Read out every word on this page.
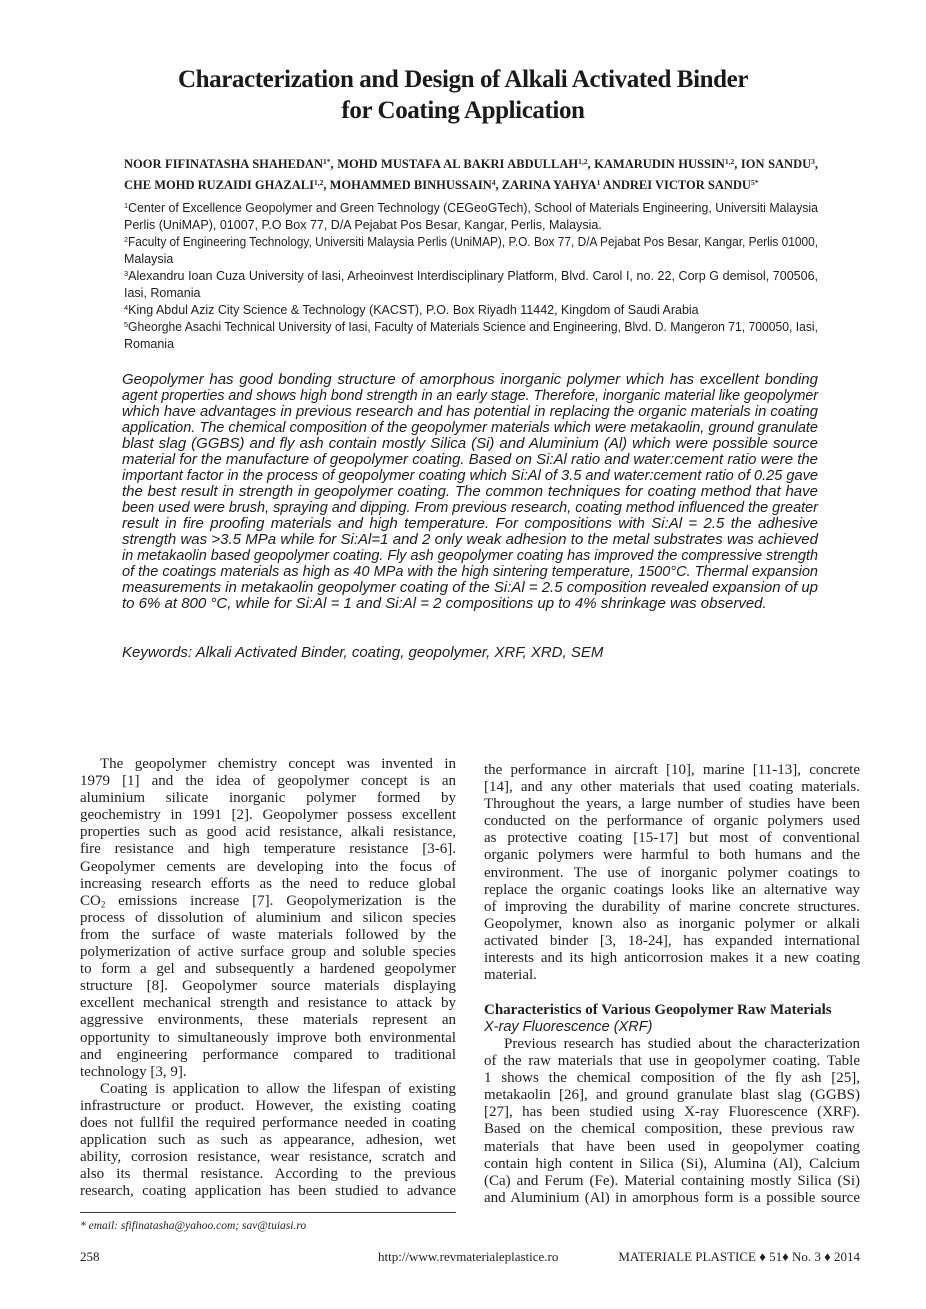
Characterization and Design of Alkali Activated Binder
for Coating Application
NOOR FIFINATASHA $SHAHEDAN^{1*}$, MOHD MUSTAFA AL BAKRI ABDULLAH$^{1,2}$, KAMARUDIN HUSSIN$^{1,2}$, ION SANDU$^3$,
CHE MOHD RUZAIDI GHAZALI$^{1,2}$, MOHAMMED BINHUSSAIN$^4$, ZARINA YAHYA$^1$ ANDREI VICTOR $SANDU^{5*}$
$^1$Center of Excellence Geopolymer and Green Technology (CEGeoGTech), School of Materials Engineering, Universiti Malaysia
Perlis (UniMAP), 01007, P.O Box 77, D/A Pejabat Pos Besar, Kangar, Perlis, Malaysia.
$^2$Faculty of Engineering Technology, Universiti Malaysia Perlis (UniMAP), P.O. Box 77, D/A Pejabat Pos Besar, Kangar, Perlis 01000,
Malaysia
$^3$Alexandru Ioan Cuza University of Iasi, Arheoinvest Interdisciplinary Platform, Blvd. Carol I, no. 22, Corp G demisol, 700506,
Iasi, Romania
$^4$King Abdul Aziz City Science & Technology (KACST), P.O. Box Riyadh 11442, Kingdom of Saudi Arabia
$^5$Gheorghe Asachi Technical University of Iasi, Faculty of Materials Science and Engineering, Blvd. D. Mangeron 71, 700050, Iasi,
Romania
Geopolymer has good bonding structure of amorphous inorganic polymer which has excellent bonding
agent properties and shows high bond strength in an early stage. Therefore, inorganic material like geopolymer
which have advantages in previous research and has potential in replacing the organic materials in coating
application. The chemical composition of the geopolymer materials which were metakaolin, ground granulate
blast slag (GGBS) and fly ash contain mostly Silica (Si) and Aluminium (Al) which were possible source
material for the manufacture of geopolymer coating. Based on Si:Al ratio and water:cement ratio were the
important factor in the process of geopolymer coating which Si:Al of 3.5 and water:cement ratio of 0.25 gave
the best result in strength in geopolymer coating. The common techniques for coating method that have
been used were brush, spraying and dipping. From previous research, coating method influenced the greater
result in fire proofing materials and high temperature. For compositions with Si:Al = 2.5 the adhesive
strength was >3.5 MPa while for Si:Al=1 and 2 only weak adhesion to the metal substrates was achieved
in metakaolin based geopolymer coating. Fly ash geopolymer coating has improved the compressive strength
of the coatings materials as high as 40 MPa with the high sintering temperature, 1500°C. Thermal expansion
measurements in metakaolin geopolymer coating of the Si:Al = 2.5 composition revealed expansion of up
to 6% at 800 °C, while for Si:Al = 1 and Si:Al = 2 compositions up to 4% shrinkage was observed.
Keywords: Alkali Activated Binder, coating, geopolymer, XRF, XRD, SEM
The geopolymer chemistry concept was invented in
1979 [1] and the idea of geopolymer concept is an
aluminium silicate inorganic polymer formed by
geochemistry in 1991 [2]. Geopolymer possess excellent
properties such as good acid resistance, alkali resistance,
fire resistance and high temperature resistance [3-6].
Geopolymer cements are developing into the focus of
increasing research efforts as the need to reduce global
$CO_2$ emissions increase [7]. Geopolymerization is the
process of dissolution of aluminium and silicon species
from the surface of waste materials followed by the
polymerization of active surface group and soluble species
to form a gel and subsequently a hardened geopolymer
structure [8]. Geopolymer source materials displaying
excellent mechanical strength and resistance to attack by
aggressive environments, these materials represent an
opportunity to simultaneously improve both environmental
and engineering performance compared to traditional
technology [3, 9].
Coating is application to allow the lifespan of existing
infrastructure or product. However, the existing coating
does not fullfil the required performance needed in coating
application such as such as appearance, adhesion, wet
ability, corrosion resistance, wear resistance, scratch and
also its thermal resistance. According to the previous
research, coating application has been studied to advance
the performance in aircraft [10], marine [11-13], concrete
[14], and any other materials that used coating materials.
Throughout the years, a large number of studies have been
conducted on the performance of organic polymers used
as protective coating [15-17] but most of conventional
organic polymers were harmful to both humans and the
environment. The use of inorganic polymer coatings to
replace the organic coatings looks like an alternative way
of improving the durability of marine concrete structures.
Geopolymer, known also as inorganic polymer or alkali
activated binder [3, 18-24], has expanded international
interests and its high anticorrosion makes it a new coating
material.
Characteristics of Various Geopolymer Raw Materials
X-ray Fluorescence (XRF)
Previous research has studied about the characterization
of the raw materials that use in geopolymer coating. Table
1 shows the chemical composition of the fly ash [25],
metakaolin [26], and ground granulate blast slag (GGBS)
[27], has been studied using X-ray Fluorescence (XRF).
Based on the chemical composition, these previous raw
materials that have been used in geopolymer coating
contain high content in Silica (Si), Alumina (Al), Calcium
(Ca) and Ferum (Fe). Material containing mostly Silica (Si)
and Aluminium (Al) in amorphous form is a possible source
* email: sfifinatasha@yahoo.com; sav@tuiasi.ro
258	http://www.revmaterialeplastice.ro	MATERIALE PLASTICE ♦ 51♦ No. 3 ♦ 2014
